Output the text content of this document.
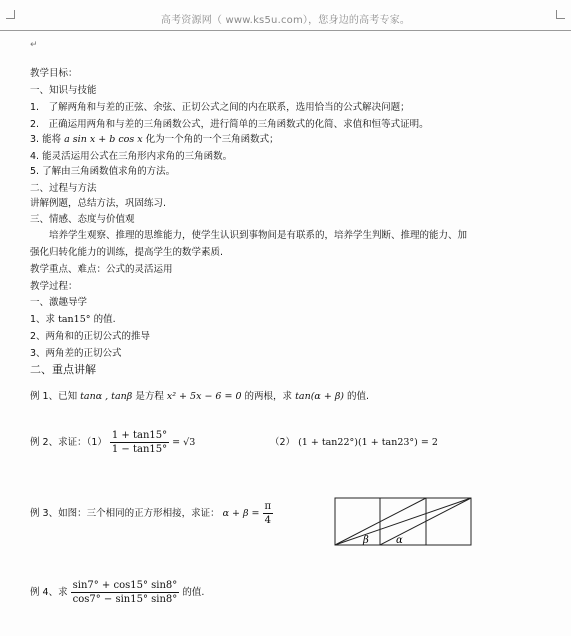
高考资源网（ www.ks5u.com），您身边的高考专家。
↵
教学目标：
一、知识与技能
1.　了解两角和与差的正弦、余弦、正切公式之间的内在联系，选用恰当的公式解决问题；
2.　正确运用两角和与差的三角函数公式，进行简单的三角函数式的化简、求值和恒等式证明。
3. 能将 a sin x + b cos x 化为一个角的一个三角函数式；
4. 能灵活运用公式在三角形内求角的三角函数。
5. 了解由三角函数值求角的方法。
二、过程与方法
讲解例题，总结方法，巩固练习.
三、情感、态度与价值观
　　培养学生观察、推理的思维能力，使学生认识到事物间是有联系的，培养学生判断、推理的能力、加
强化归转化能力的训练，提高学生的数学素质.
教学重点、难点：公式的灵活运用
教学过程：
一、激趣导学
1、求 tan15° 的值.
2、两角和的正切公式的推导
3、两角差的正切公式
二、重点讲解
例 1、已知 tanα , tanβ 是方程 x² + 5x − 6 = 0 的两根，求 tan(α + β) 的值.
例 2、求证：$(1) \frac{1 + \tan 15^\circ}{1 - \tan 15^\circ} = √3$	（2） (1 + tan22°)(1 + tan23°) = 2
例 3、如图：三个相同的正方形相接，求证： $\alpha + \beta = \frac{\pi}{4}$
β	α
例 4、求 $\frac{\sin 7^\circ + \cos 15^\circ \sin 8^\circ}{\cos 7^\circ - \sin 15^\circ \sin 8^\circ}$ 的值.
